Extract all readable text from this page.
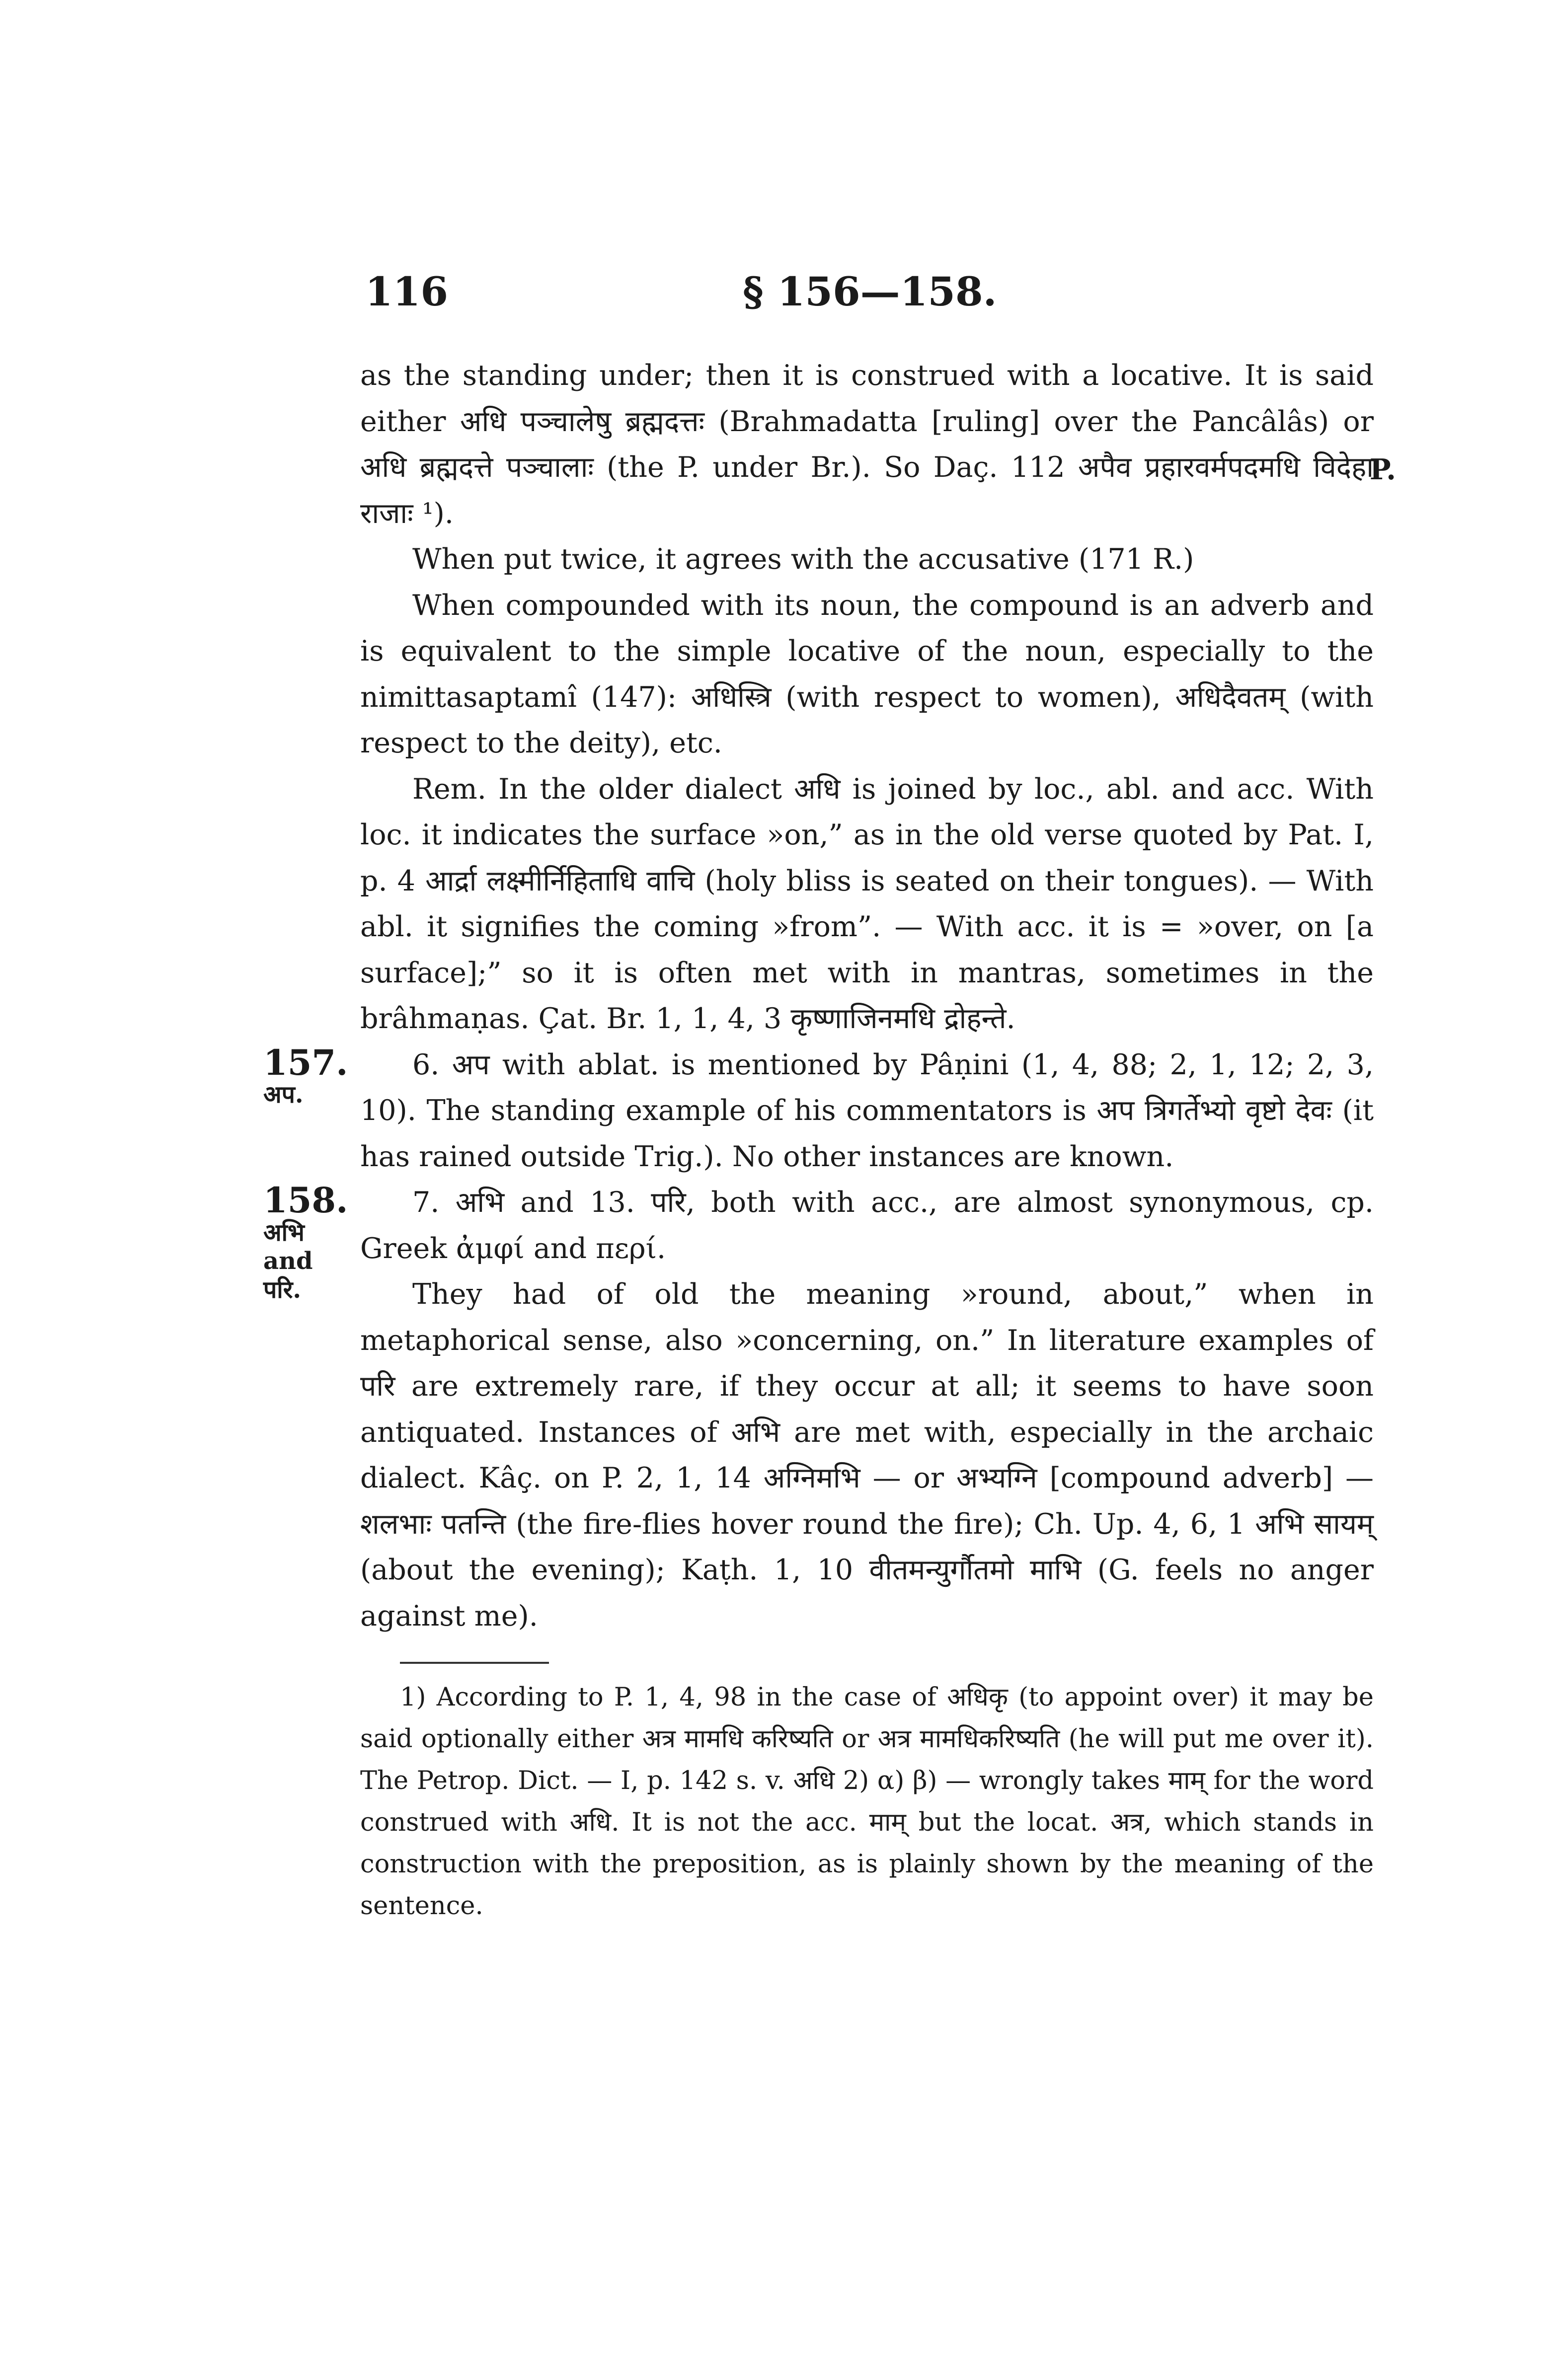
116	§ 156—158.

as the standing under; then it is construed with a locative. It is said either अधि पञ्चालेषु ब्रह्मदत्तः (Brahmadatta [ruling] over the Pancâlâs) or अधि ब्रह्मदत्ते पञ्चालाः (the P. under Br.). So Daç. 112 अपैव प्रहारवर्मपदमधि विदेहा राजाः ¹).

When put twice, it agrees with the accusative (171 R.)

P.

When compounded with its noun, the compound is an adverb and is equivalent to the simple locative of the noun, especially to the nimittasaptamî (147): अधिस्त्रि (with respect to women), अधिदैवतम् (with respect to the deity), etc.

Rem. In the older dialect अधि is joined by loc., abl. and acc. With loc. it indicates the surface »on,” as in the old verse quoted by Pat. I, p. 4 आर्द्रा लक्ष्मीर्निहिताधि वाचि (holy bliss is seated on their tongues). — With abl. it signifies the coming »from”. — With acc. it is = »over, on [a surface];” so it is often met with in mantras, sometimes in the brâhmaṇas. Çat. Br. 1, 1, 4, 3 कृष्णाजिनमधि द्रोहन्ते.

157.
अप.

6. अप with ablat. is mentioned by Pâṇini (1, 4, 88; 2, 1, 12; 2, 3, 10). The standing example of his commentators is अप त्रिगर्तेभ्यो वृष्टो देवः (it has rained outside Trig.). No other instances are known.

158.
अभि and परि.

7. अभि and 13. परि, both with acc., are almost synonymous, cp. Greek ἀμφί and περί.

They had of old the meaning »round, about,” when in metaphorical sense, also »concerning, on.” In literature examples of परि are extremely rare, if they occur at all; it seems to have soon antiquated. Instances of अभि are met with, especially in the archaic dialect. Kâç. on P. 2, 1, 14 अग्निमभि — or अभ्यग्नि [compound adverb] — शलभाः पतन्ति (the fire-flies hover round the fire); Ch. Up. 4, 6, 1 अभि सायम् (about the evening); Kaṭh. 1, 10 वीतमन्युर्गौतमो माभि (G. feels no anger against me).

1) According to P. 1, 4, 98 in the case of अधिकृ (to appoint over) it may be said optionally either अत्र मामधि करिष्यति or अत्र मामधिकरिष्यति (he will put me over it). The Petrop. Dict. — I, p. 142 s. v. अधि 2) α) β) — wrongly takes माम् for the word construed with अधि. It is not the acc. माम् but the locat. अत्र, which stands in construction with the preposition, as is plainly shown by the meaning of the sentence.
